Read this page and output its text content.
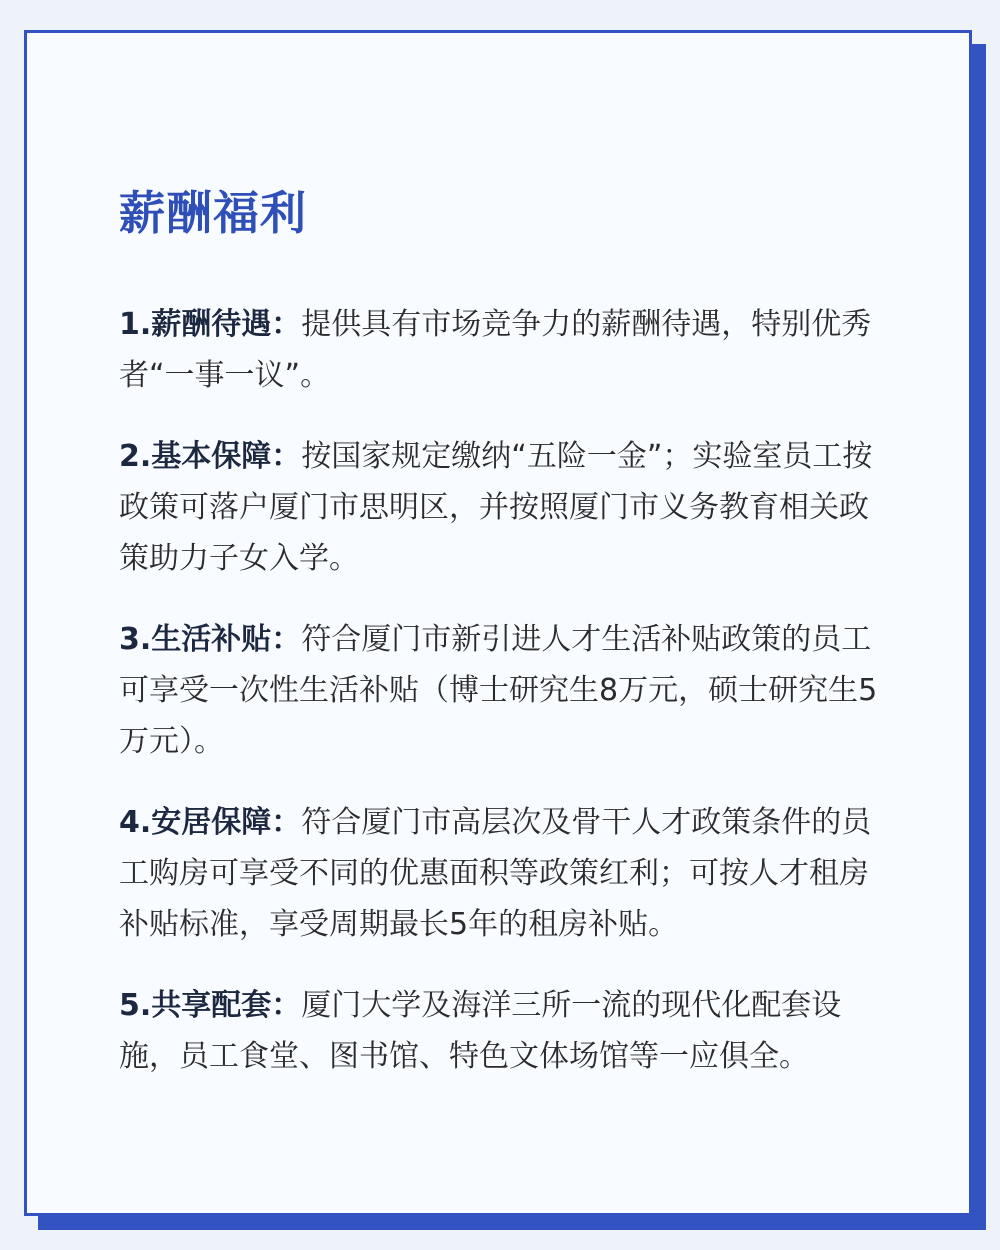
薪酬福利

1.薪酬待遇：提供具有市场竞争力的薪酬待遇，特别优秀者“一事一议”。

2.基本保障：按国家规定缴纳“五险一金”；实验室员工按政策可落户厦门市思明区，并按照厦门市义务教育相关政策助力子女入学。

3.生活补贴：符合厦门市新引进人才生活补贴政策的员工可享受一次性生活补贴（博士研究生8万元，硕士研究生5万元）。

4.安居保障：符合厦门市高层次及骨干人才政策条件的员工购房可享受不同的优惠面积等政策红利；可按人才租房补贴标准，享受周期最长5年的租房补贴。

5.共享配套：厦门大学及海洋三所一流的现代化配套设施，员工食堂、图书馆、特色文体场馆等一应俱全。
